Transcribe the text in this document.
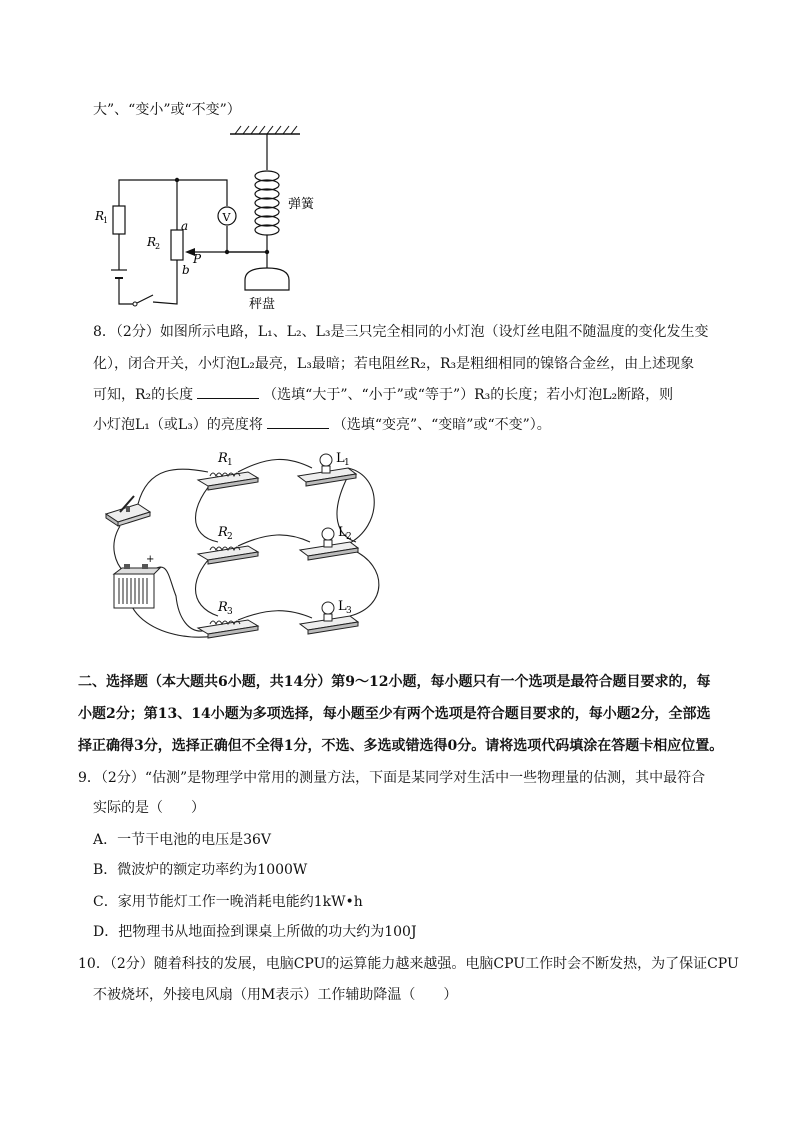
大”、“变小”或“不变”）
V
R
1
R
2
a
b
P
弹簧
秤盘
8．（2分）如图所示电路，L₁、L₂、L₃是三只完全相同的小灯泡（设灯丝电阻不随温度的变化发生变
化），闭合开关，小灯泡L₂最亮，L₃最暗；若电阻丝R₂，R₃是粗细相同的镍铬合金丝，由上述现象
可知，R₂的长度	（选填“大于”、“小于”或“等于”）R₃的长度；若小灯泡L₂断路，则
小灯泡L₁（或L₃）的亮度将	（选填“变亮”、“变暗”或“不变”）。
+
R 1
R 2
R 3
L 1
L 2
L 3
二、选择题（本大题共6小题，共14分）第9～12小题，每小题只有一个选项是最符合题目要求的，每
小题2分；第13、14小题为多项选择，每小题至少有两个选项是符合题目要求的，每小题2分，全部选
择正确得3分，选择正确但不全得1分，不选、多选或错选得0分。请将选项代码填涂在答题卡相应位置。
9．（2分）“估测”是物理学中常用的测量方法，下面是某同学对生活中一些物理量的估测，其中最符合
实际的是（　　）
A．一节干电池的电压是36V
B．微波炉的额定功率约为1000W
C．家用节能灯工作一晚消耗电能约1kW•h
D．把物理书从地面捡到课桌上所做的功大约为100J
10．（2分）随着科技的发展，电脑CPU的运算能力越来越强。电脑CPU工作时会不断发热，为了保证CPU
不被烧坏，外接电风扇（用M表示）工作辅助降温（　　）
